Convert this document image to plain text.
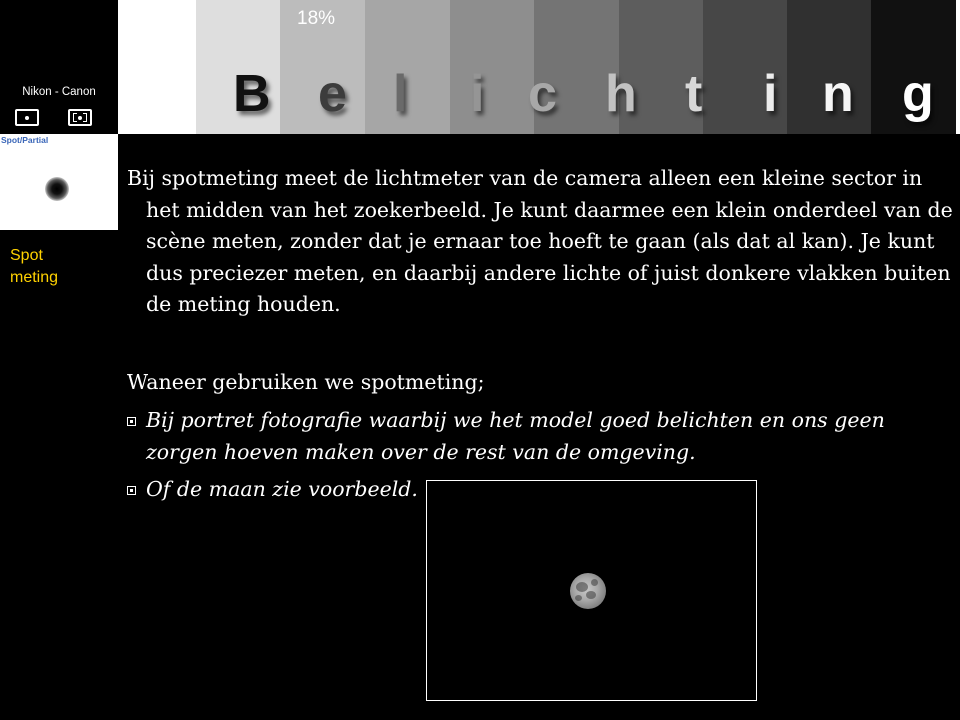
18%
B e l i c h t i n g
Nikon - Canon
Spot/Partial
Spot
meting

Bij spotmeting meet de lichtmeter van de camera alleen een kleine sector in het midden van het zoekerbeeld. Je kunt daarmee een klein onderdeel van de scène meten, zonder dat je ernaar toe hoeft te gaan (als dat al kan). Je kunt dus preciezer meten, en daarbij andere lichte of juist donkere vlakken buiten de meting houden.

Waneer gebruiken we spotmeting;

Bij portret fotografie waarbij we het model goed belichten en ons geen zorgen hoeven maken over de rest van de omgeving.
Of de maan zie voorbeeld.
